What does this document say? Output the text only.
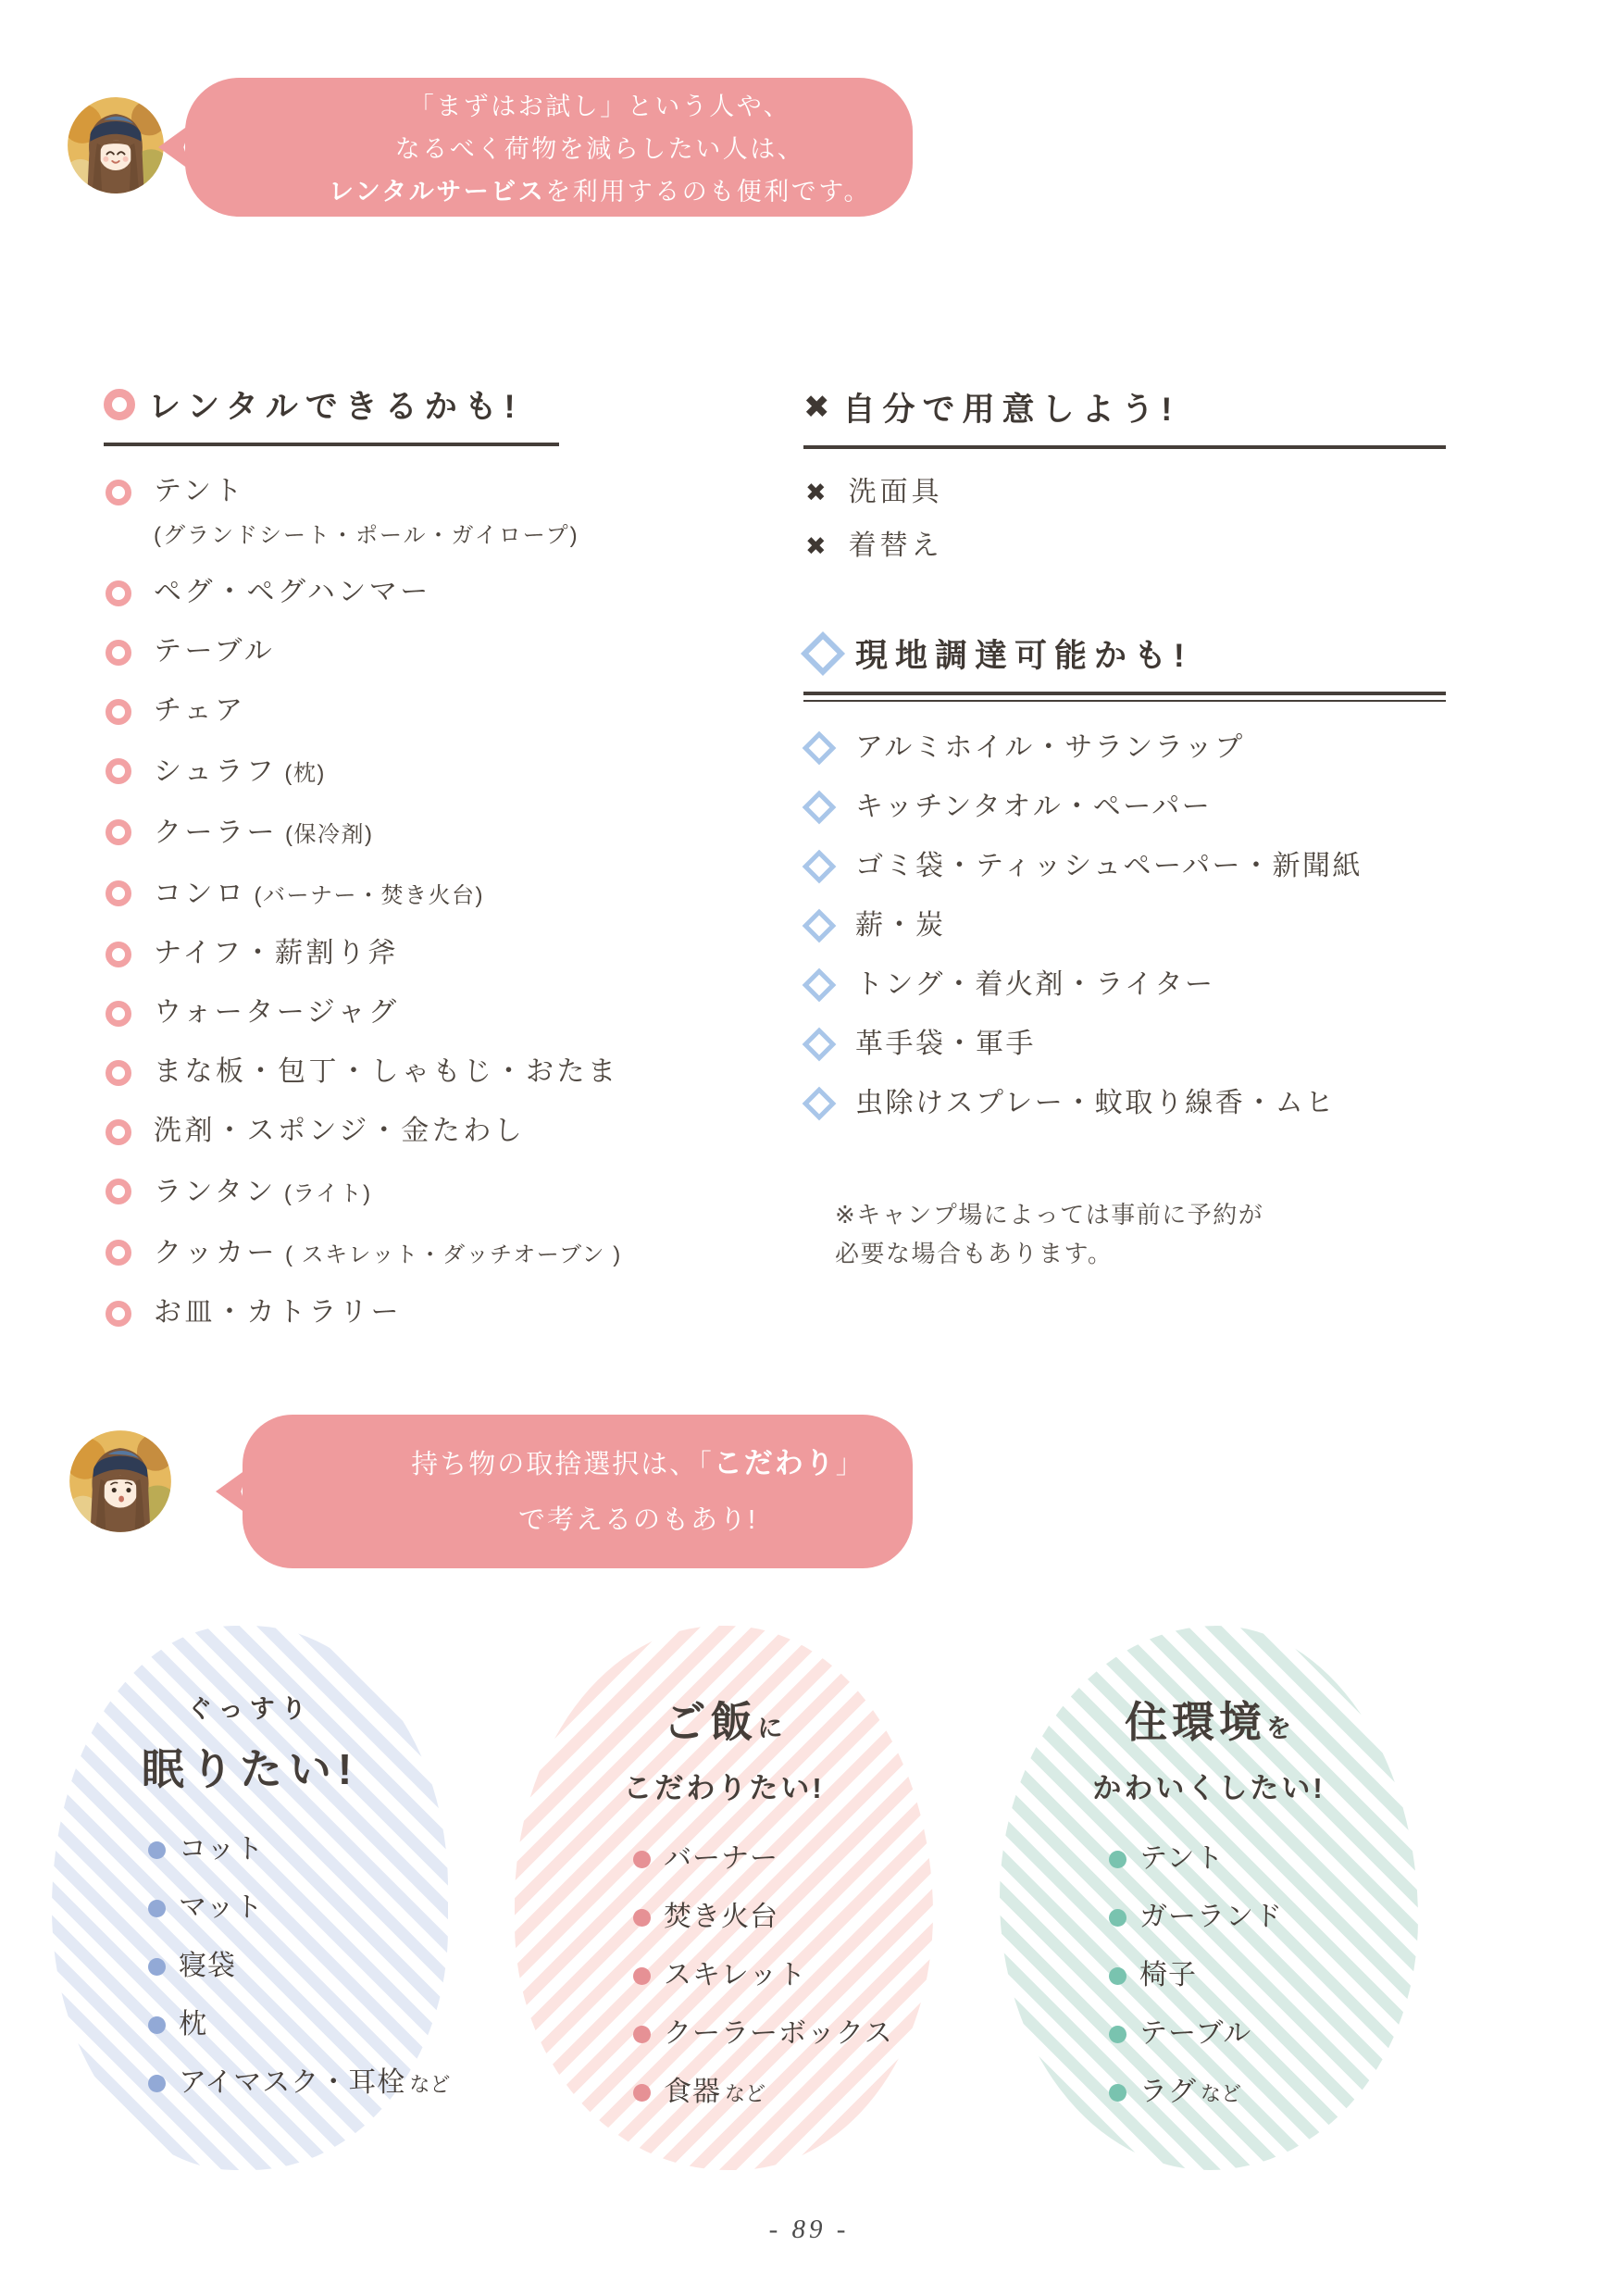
「まずはお試し」という人や、

なるべく荷物を減らしたい人は、

レンタルサービスを利用するのも便利です。

レンタルできるかも!
テント
(グランドシート・ポール・ガイロープ)
ペグ・ペグハンマー
テーブル
チェア
シュラフ (枕)
クーラー (保冷剤)
コンロ (バーナー・焚き火台)
ナイフ・薪割り斧
ウォータージャグ
まな板・包丁・しゃもじ・おたま
洗剤・スポンジ・金たわし
ランタン (ライト)
クッカー ( スキレット・ダッチオーブン )
お皿・カトラリー
✖ 自分で用意しよう!
✖ 洗面具
✖ 着替え
現地調達可能かも!
アルミホイル・サランラップ
キッチンタオル・ペーパー
ゴミ袋・ティッシュペーパー・新聞紙
薪・炭
トング・着火剤・ライター
革手袋・軍手
虫除けスプレー・蚊取り線香・ムヒ

※キャンプ場によっては事前に予約が

必要な場合もあります。

持ち物の取捨選択は、「こだわり」

で考えるのもあり!

ぐっすり
眠りたい!
コット
マット
寝袋
枕
アイマスク・耳栓 など
ご飯に
こだわりたい!
バーナー
焚き火台
スキレット
クーラーボックス
食器 など
住環境を
かわいくしたい!
テント
ガーランド
椅子
テーブル
ラグ など
- 89 -
